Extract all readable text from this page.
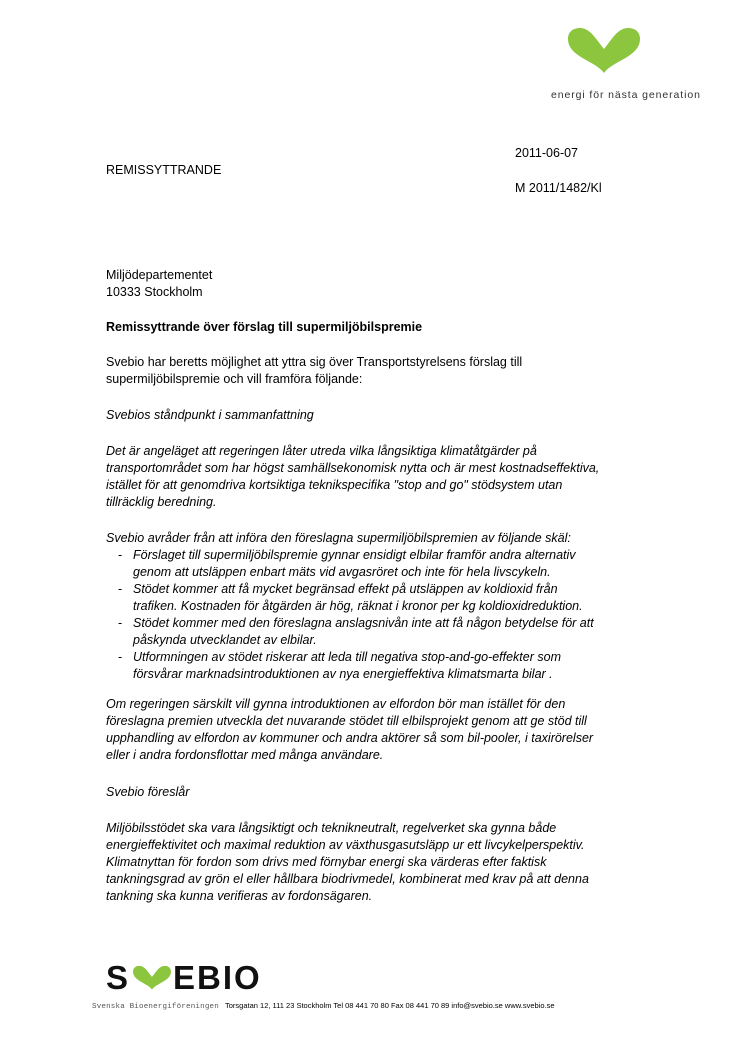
energi för nästa generation
2011-06-07
REMISSYTTRANDE
M 2011/1482/Kl
Miljödepartementet
10333 Stockholm
Remissyttrande över förslag till supermiljöbilspremie
Svebio har beretts möjlighet att yttra sig över Transportstyrelsens förslag till
supermiljöbilspremie och vill framföra följande:
Svebios ståndpunkt i sammanfattning
Det är angeläget att regeringen låter utreda vilka långsiktiga klimatåtgärder på
transportområdet som har högst samhällsekonomisk nytta och är mest kostnadseffektiva,
istället för att genomdriva kortsiktiga teknikspecifika "stop and go" stödsystem utan
tillräcklig beredning.
Svebio avråder från att införa den föreslagna supermiljöbilspremien av följande skäl:
- Förslaget till supermiljöbilspremie gynnar ensidigt elbilar framför andra alternativ
genom att utsläppen enbart mäts vid avgasröret och inte för hela livscykeln.
- Stödet kommer att få mycket begränsad effekt på utsläppen av koldioxid från
trafiken. Kostnaden för åtgärden är hög, räknat i kronor per kg koldioxidreduktion.
- Stödet kommer med den föreslagna anslagsnivån inte att få någon betydelse för att
påskynda utvecklandet av elbilar.
- Utformningen av stödet riskerar att leda till negativa stop-and-go-effekter som
försvårar marknadsintroduktionen av nya energieffektiva klimatsmarta bilar .
Om regeringen särskilt vill gynna introduktionen av elfordon bör man istället för den
föreslagna premien utveckla det nuvarande stödet till elbilsprojekt genom att ge stöd till
upphandling av elfordon av kommuner och andra aktörer så som bil-pooler, i taxirörelser
eller i andra fordonsflottar med många användare.
Svebio föreslår
Miljöbilsstödet ska vara långsiktigt och teknikneutralt, regelverket ska gynna både
energieffektivitet och maximal reduktion av växthusgasutsläpp ur ett livcykelperspektiv.
Klimatnyttan för fordon som drivs med förnybar energi ska värderas efter faktisk
tankningsgrad av grön el eller hållbara biodrivmedel, kombinerat med krav på att denna
tankning ska kunna verifieras av fordonsägaren.
S EBIO
Svenska Bioenergiföreningen Torsgatan 12, 111 23 Stockholm Tel 08 441 70 80 Fax 08 441 70 89 info@svebio.se www.svebio.se
